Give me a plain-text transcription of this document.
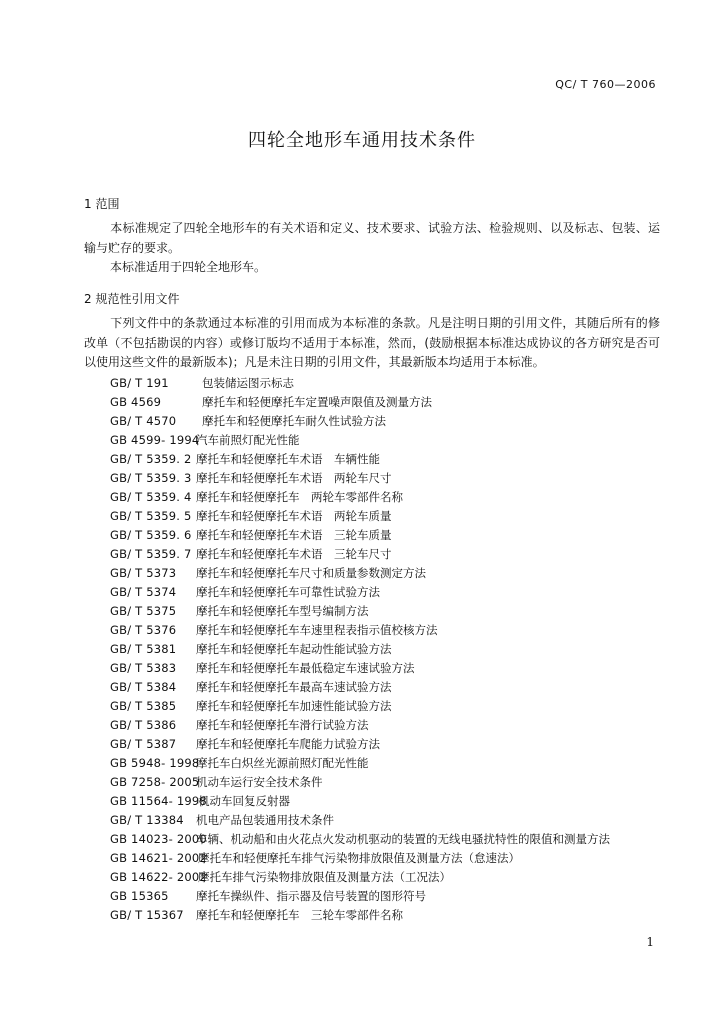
QC/ T 760—2006
四轮全地形车通用技术条件
1 范围
本标准规定了四轮全地形车的有关术语和定义、技术要求、试验方法、检验规则、以及标志、包装、运输与贮存的要求。
本标准适用于四轮全地形车。
2 规范性引用文件
下列文件中的条款通过本标准的引用而成为本标准的条款。凡是注明日期的引用文件，其随后所有的修改单（不包括勘误的内容）或修订版均不适用于本标准，然而，(鼓励根据本标准达成协议的各方研究是否可以使用这些文件的最新版本)；凡是未注日期的引用文件，其最新版本均适用于本标准。
GB/ T 191	包装储运图示标志
GB 4569	摩托车和轻便摩托车定置噪声限值及测量方法
GB/ T 4570 摩托车和轻便摩托车耐久性试验方法
GB 4599- 1994
汽车前照灯配光性能
GB/ T 5359. 2 摩托车和轻便摩托车术语　车辆性能
GB/ T 5359. 3 摩托车和轻便摩托车术语　两轮车尺寸
GB/ T 5359. 4 摩托车和轻便摩托车　两轮车零部件名称
GB/ T 5359. 5 摩托车和轻便摩托车术语　两轮车质量
GB/ T 5359. 6 摩托车和轻便摩托车术语　三轮车质量
GB/ T 5359. 7 摩托车和轻便摩托车术语　三轮车尺寸
GB/ T 5373 摩托车和轻便摩托车尺寸和质量参数测定方法
GB/ T 5374 摩托车和轻便摩托车可靠性试验方法
GB/ T 5375 摩托车和轻便摩托车型号编制方法
GB/ T 5376 摩托车和轻便摩托车车速里程表指示值校核方法
GB/ T 5381 摩托车和轻便摩托车起动性能试验方法
GB/ T 5383 摩托车和轻便摩托车最低稳定车速试验方法
GB/ T 5384 摩托车和轻便摩托车最高车速试验方法
GB/ T 5385 摩托车和轻便摩托车加速性能试验方法
GB/ T 5386 摩托车和轻便摩托车滑行试验方法
GB/ T 5387 摩托车和轻便摩托车爬能力试验方法
GB 5948- 1998
摩托车白炽丝光源前照灯配光性能
GB 7258- 2005
机动车运行安全技术条件
GB 11564- 1998
机动车回复反射器
GB/ T 13384 机电产品包装通用技术条件
GB 14023- 2000
车辆、机动船和由火花点火发动机驱动的装置的无线电骚扰特性的限值和测量方法
GB 14621- 2002
摩托车和轻便摩托车排气污染物排放限值及测量方法（怠速法）
GB 14622- 2002
摩托车排气污染物排放限值及测量方法（工况法）
GB 15365 摩托车操纵件、指示器及信号装置的图形符号
GB/ T 15367 摩托车和轻便摩托车　三轮车零部件名称
1
